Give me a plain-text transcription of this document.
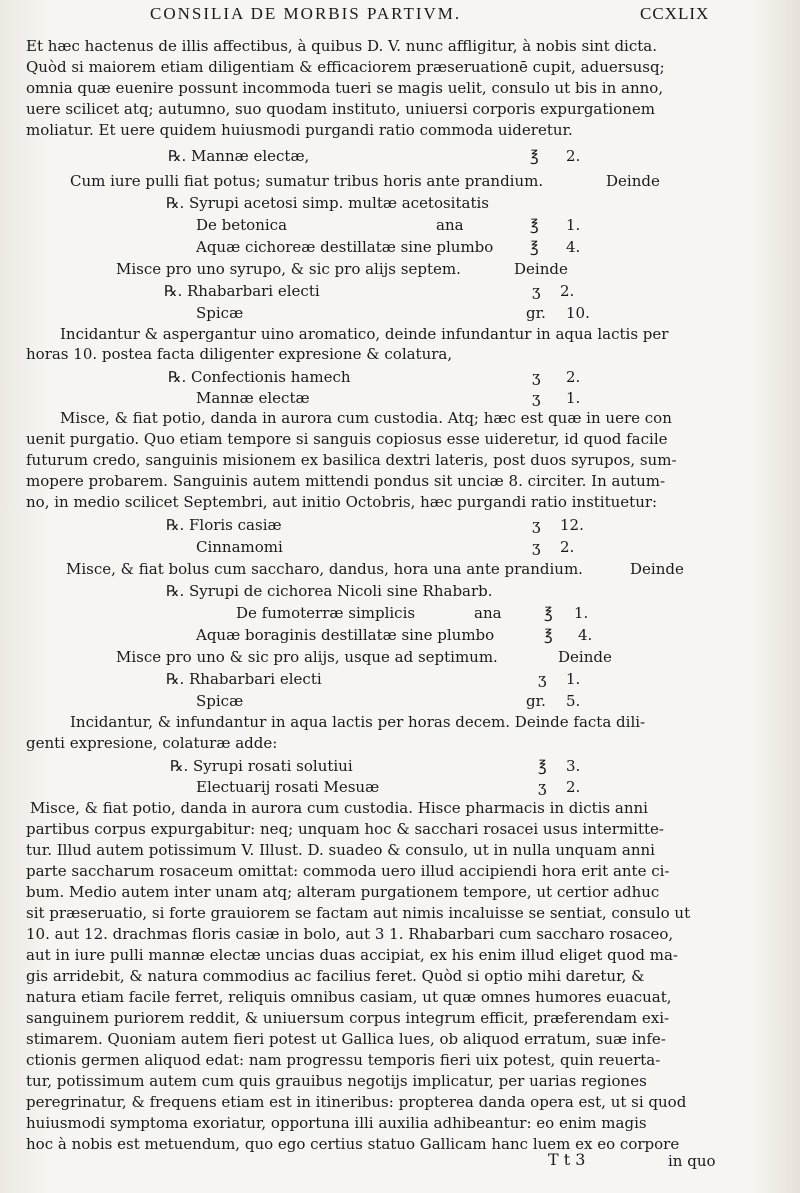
CONSILIA DE MORBIS PARTIVM.	CCXLIX
Et hæc hactenus de illis affectibus, à quibus D. V. nunc affligitur, à nobis sint dicta.
Quòd si maiorem etiam diligentiam & efficaciorem præseruationē cupit, aduersusq;
omnia quæ euenire possunt incommoda tueri se magis uelit, consulo ut bis in anno,
uere scilicet atq; autumno, suo quodam instituto, uniuersi corporis expurgationem
moliatur. Et uere quidem huiusmodi purgandi ratio commoda uideretur.
℞. Mannæ electæ,	℥ 2.
Cum iure pulli fiat potus; sumatur tribus horis ante prandium.	Deinde
℞. Syrupi acetosi simp. multæ acetositatis
De betonica	ana	℥ 1.
Aquæ cichoreæ destillatæ sine plumbo ℥ 4.
Misce pro uno syrupo, & sic pro alijs septem.	Deinde
℞. Rhabarbari electi	ʒ 2.
Spicæ	gr. 10.
Incidantur & aspergantur uino aromatico, deinde infundantur in aqua lactis per
horas 10. postea facta diligenter expresione & colatura,
℞. Confectionis hamech	ʒ 2.
Mannæ electæ	ʒ 1.
Misce, & fiat potio, danda in aurora cum custodia. Atq; hæc est quæ in uere con
uenit purgatio. Quo etiam tempore si sanguis copiosus esse uideretur, id quod facile
futurum credo, sanguinis misionem ex basilica dextri lateris, post duos syrupos, sum-
mopere probarem. Sanguinis autem mittendi pondus sit unciæ 8. circiter. In autum-
no, in medio scilicet Septembri, aut initio Octobris, hæc purgandi ratio instituetur:
℞. Floris casiæ	ʒ 12.
Cinnamomi	ʒ 2.
Misce, & fiat bolus cum saccharo, dandus, hora una ante prandium.	Deinde
℞. Syrupi de cichorea Nicoli sine Rhabarb.
De fumoterræ simplicis	ana	℥ 1.
Aquæ boraginis destillatæ sine plumbo	℥ 4.
Misce pro uno & sic pro alijs, usque ad septimum.	Deinde
℞. Rhabarbari electi	ʒ 1.
Spicæ	gr. 5.
Incidantur, & infundantur in aqua lactis per horas decem. Deinde facta dili-
genti expresione, colaturæ adde:
℞. Syrupi rosati solutiui	℥ 3.
Electuarij rosati Mesuæ	ʒ 2.
Misce, & fiat potio, danda in aurora cum custodia. Hisce pharmacis in dictis anni
partibus corpus expurgabitur: neq; unquam hoc & sacchari rosacei usus intermitte-
tur. Illud autem potissimum V. Illust. D. suadeo & consulo, ut in nulla unquam anni
parte saccharum rosaceum omittat: commoda uero illud accipiendi hora erit ante ci-
bum. Medio autem inter unam atq; alteram purgationem tempore, ut certior adhuc
sit præseruatio, si forte grauiorem se factam aut nimis incaluisse se sentiat, consulo ut
10. aut 12. drachmas floris casiæ in bolo, aut 3 1. Rhabarbari cum saccharo rosaceo,
aut in iure pulli mannæ electæ uncias duas accipiat, ex his enim illud eliget quod ma-
gis arridebit, & natura commodius ac facilius feret. Quòd si optio mihi daretur, &
natura etiam facile ferret, reliquis omnibus casiam, ut quæ omnes humores euacuat,
sanguinem puriorem reddit, & uniuersum corpus integrum efficit, præferendam exi-
stimarem. Quoniam autem fieri potest ut Gallica lues, ob aliquod erratum, suæ infe-
ctionis germen aliquod edat: nam progressu temporis fieri uix potest, quin reuerta-
tur, potissimum autem cum quis grauibus negotijs implicatur, per uarias regiones
peregrinatur, & frequens etiam est in itineribus: propterea danda opera est, ut si quod
huiusmodi symptoma exoriatur, opportuna illi auxilia adhibeantur: eo enim magis
hoc à nobis est metuendum, quo ego certius statuo Gallicam hanc luem ex eo corpore
T t 3	in quo
